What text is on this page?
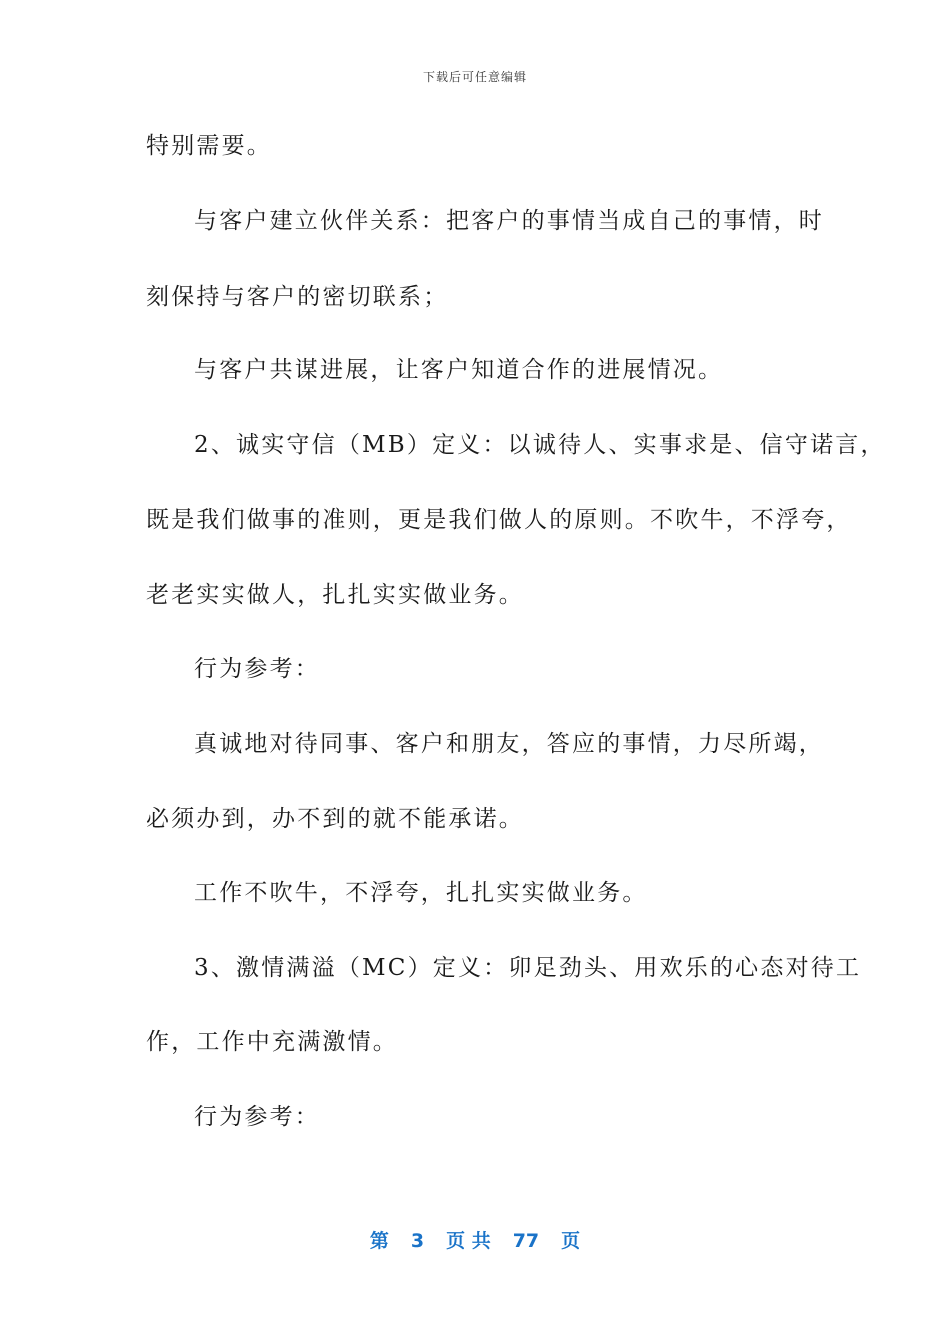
下载后可任意编辑
特别需要。
与客户建立伙伴关系：把客户的事情当成自己的事情，时
刻保持与客户的密切联系；
与客户共谋进展，让客户知道合作的进展情况。
2、诚实守信（MB）定义：以诚待人、实事求是、信守诺言，
既是我们做事的准则，更是我们做人的原则。不吹牛，不浮夸，
老老实实做人，扎扎实实做业务。
行为参考：
真诚地对待同事、客户和朋友，答应的事情，力尽所竭，
必须办到，办不到的就不能承诺。
工作不吹牛，不浮夸，扎扎实实做业务。
3、激情满溢（MC）定义：卯足劲头、用欢乐的心态对待工
作，工作中充满激情。
行为参考：
第 3 页 共 77 页
